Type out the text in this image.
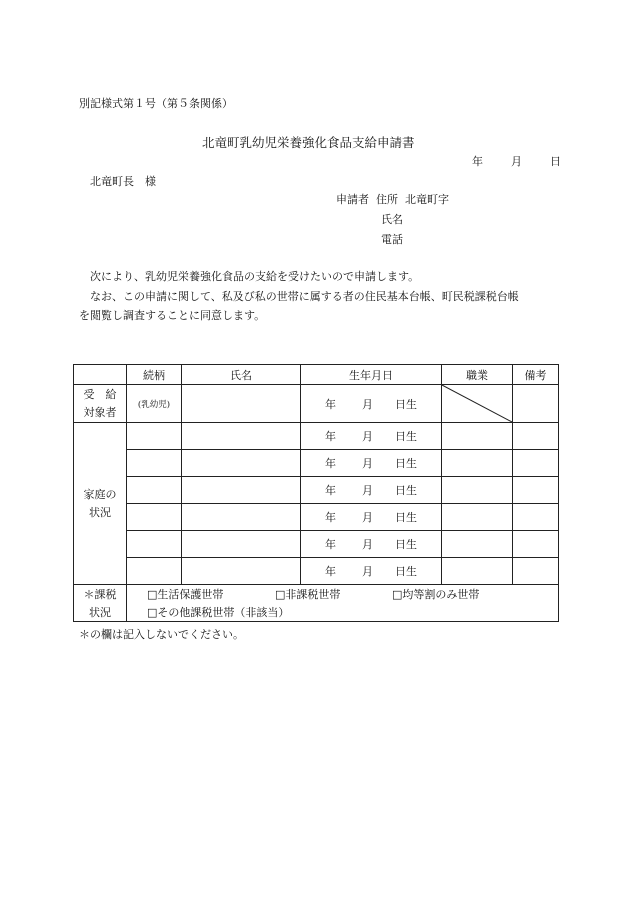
別記様式第１号（第５条関係）
北竜町乳幼児栄養強化食品支給申請書
年	月	日
北竜町長　様
申請者 住所 北竜町字
氏名
電話
次により、乳幼児栄養強化食品の支給を受けたいので申請します。
なお、この申請に関して、私及び私の世帯に属する者の住民基本台帳、町民税課税台帳
を閲覧し調査することに同意します。
	続柄	氏名	生年月日	職業	備考

受　給
対象者	(乳幼児)		年 月 日生	

家庭の
状況			年 月 日生		
			年 月 日生		
			年 月 日生		
			年 月 日生		
			年 月 日生		
			年 月 日生		
＊課税	□生活保護世帯 □非課税世帯 □均等割のみ世帯				
状況	□その他課税世帯（非該当）				
＊の欄は記入しないでください。
